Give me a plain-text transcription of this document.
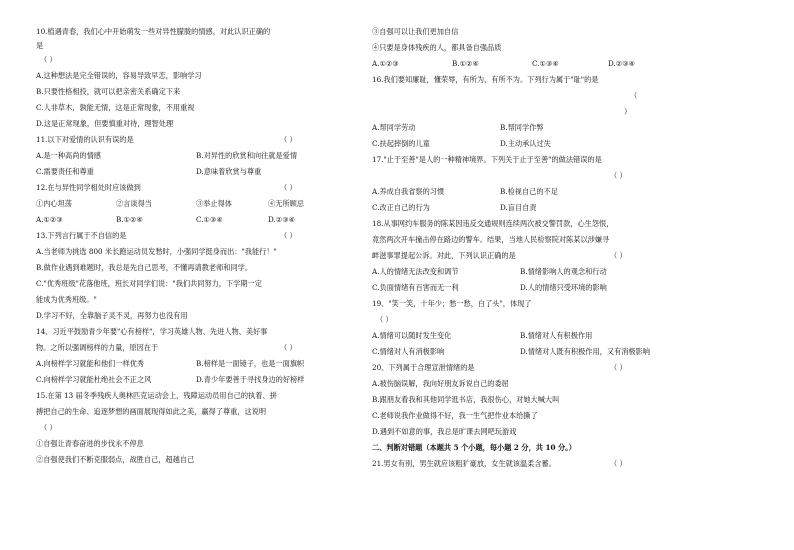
10.植遇青春，我们心中开始萌发一些对异性朦胧的情感，对此认识正确的
是
（ ）
A.这种想法是完全错误的，容易导致早恋，影响学习
B.只要性格相投，就可以把亲密关系确定下来
C.人非草木，孰能无情，这是正常现象，不用重视
D.这是正常现象，但要慎重对待，理智处理
11.以下对爱情的认识有误的是	（ ）
A.是一种高尚的情感	B.对异性的欣赏和向往就是爱情
C.需要责任和尊重	D.意味着欣赏与尊重
12.在与异性同学相处时应该做到	（ ）
①内心坦荡	②言谈得当	③举止得体	④无所顾忌
A.①②③	B.①②④	C.①③④	D.②③④
13.下列言行属于不自信的是	（ ）
A.当老师为挑选 800 米长跑运动员发愁时，小强同学挺身而出："我能行！"
B.做作业遇到难题时，我总是先自己思考，不懂再请教老师和同学。
C."优秀班级"花落他班，班长对同学们说："我们共同努力，下学期一定
能成为优秀班级。"
D.学习不好，全靠脑子灵不灵，再努力也没有用
14、习近平鼓励青少年要"心有榜样"，学习英雄人物、先进人物、美好事
物。之所以强调榜样的力量，原因在于	（ ）
A.向榜样学习就能和他们一样优秀	B.榜样是一面镜子，也是一面旗帜
C.向榜样学习就能杜绝社会不正之风	D.青少年要善于寻找身边的好榜样
15.在第 13 届冬季残疾人奥林匹克运动会上，残障运动员用自己的执着、拼
搏把自己的生命、追逐梦想的画面展现得如此之美，赢得了尊重，这说明
（ ）
①自强让青春奋进的步伐永不停息
②自强使我们不断克服弱点，战胜自己，超越自己
③自强可以让我们更加自信
④只要是身体残疾的人，都具备自强品质
A.①②③	B.①②④	C.①③④	D.②③④
16.我们要知廉耻，懂荣辱，有所为，有所不为。下列行为属于"耻"的是
（
）
A.帮同学劳动	B.帮同学作弊
C.扶起摔倒的儿童	D.主动承认过失
17."止于至善"是人的一种精神境界。下列关于止于至善"的做法错误的是
（ ）
A.养成自我省察的习惯	B.检视自己的不足
C.改正自己的行为	D.盲目自责
18.从事网约车服务的陈某因违反交通规则连续两次被交警罚款，心生怨恨，
竟然两次开车撞击停在路边的警车。结果，当地人民检察院对陈某以涉嫌寻
衅滋事罪提起公诉。对此，下列认识正确的是	（ ）
A.人的情绪无法改变和调节	B.情绪影响人的观念和行动
C.负面情绪有百害而无一利	D.人的情绪只受环境的影响
19、"笑一笑，十年少；愁一愁，白了头"，体现了
（ ）
A.情绪可以随时发生变化	B.情绪对人有积极作用
C.情绪对人有消极影响	D.情绪对人既有积极作用，又有消极影响
20、下列属于合理宣泄情绪的是	（ ）
A.被伤脑误解，我向好朋友诉说自己的委屈
B.跟朋友看我和其他同学逛书店，我很伤心，对她大喊大叫
C.老师说我作业做得不好，我一生气把作业本给撕了
D.遇到不如意的事，我总是旷课去网吧玩游戏
二、判断对错题（本题共 5 个小题，每小题 2 分，共 10 分。）
21.男女有别，男生就应该粗犷豪放，女生就该温柔含蓄。	（ ）
